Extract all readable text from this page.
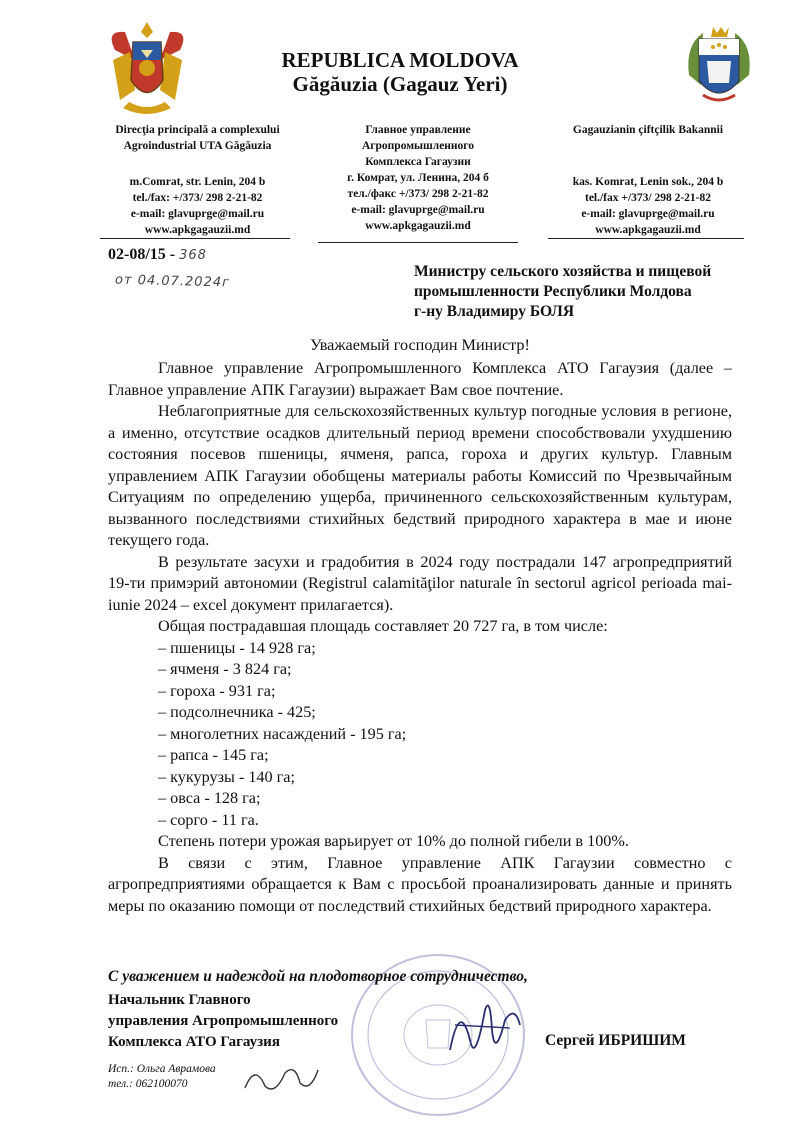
REPUBLICA MOLDOVA
Găgăuzia (Gagauz Yeri)
Direcţia principală a complexului
Agroindustrial UTA Găgăuzia
m.Comrat, str. Lenin, 204 b
tel./fax: +/373/ 298 2-21-82
e-mail: glavuprge@mail.ru
www.apkgagauzii.md
Главное управление
Агропромышленного
Комплекса Гагаузии
г. Комрат, ул. Ленина, 204 б
тел./факс +/373/ 298 2-21-82
e-mail: glavuprge@mail.ru
www.apkgagauzii.md
Gagauzianin çiftçilik Bakannii
kas. Komrat, Lenin sok., 204 b
tel./fax +/373/ 298 2-21-82
e-mail: glavuprge@mail.ru
www.apkgagauzii.md
02-08/15 - 368
от 04.07.2024г
Министру сельского хозяйства и пищевой
промышленности Республики Молдова
г-ну Владимиру БОЛЯ
Уважаемый господин Министр!

Главное управление Агропромышленного Комплекса АТО Гагаузия (далее – Главное управление АПК Гагаузии) выражает Вам свое почтение.

Неблагоприятные для сельскохозяйственных культур погодные условия в регионе, а именно, отсутствие осадков длительный период времени способствовали ухудшению состояния посевов пшеницы, ячменя, рапса, гороха и других культур. Главным управлением АПК Гагаузии обобщены материалы работы Комиссий по Чрезвычайным Ситуациям по определению ущерба, причиненного сельскохозяйственным культурам, вызванного последствиями стихийных бедствий природного характера в мае и июне текущего года.

В результате засухи и градобития в 2024 году пострадали 147 агропредприятий 19-ти примэрий автономии (Registrul calamităţilor naturale în sectorul agricol perioada mai-iunie 2024 – excel документ прилагается).

Общая пострадавшая площадь составляет 20 727 га, в том числе:

– пшеницы - 14 928 га;
– ячменя - 3 824 га;
– гороха - 931 га;
– подсолнечника - 425;
– многолетних насаждений - 195 га;
– рапса - 145 га;
– кукурузы - 140 га;
– овса - 128 га;
– сорго - 11 га.

Степень потери урожая варьирует от 10% до полной гибели в 100%.

В связи с этим, Главное управление АПК Гагаузии совместно с агропредприятиями обращается к Вам с просьбой проанализировать данные и принять меры по оказанию помощи от последствий стихийных бедствий природного характера.

С уважением и надеждой на плодотворное сотрудничество,
Начальник Главного
управления Агропромышленного
Комплекса АТО Гагаузия	Сергей ИБРИШИМ
Исп.: Ольга Аврамова
тел.: 062100070
